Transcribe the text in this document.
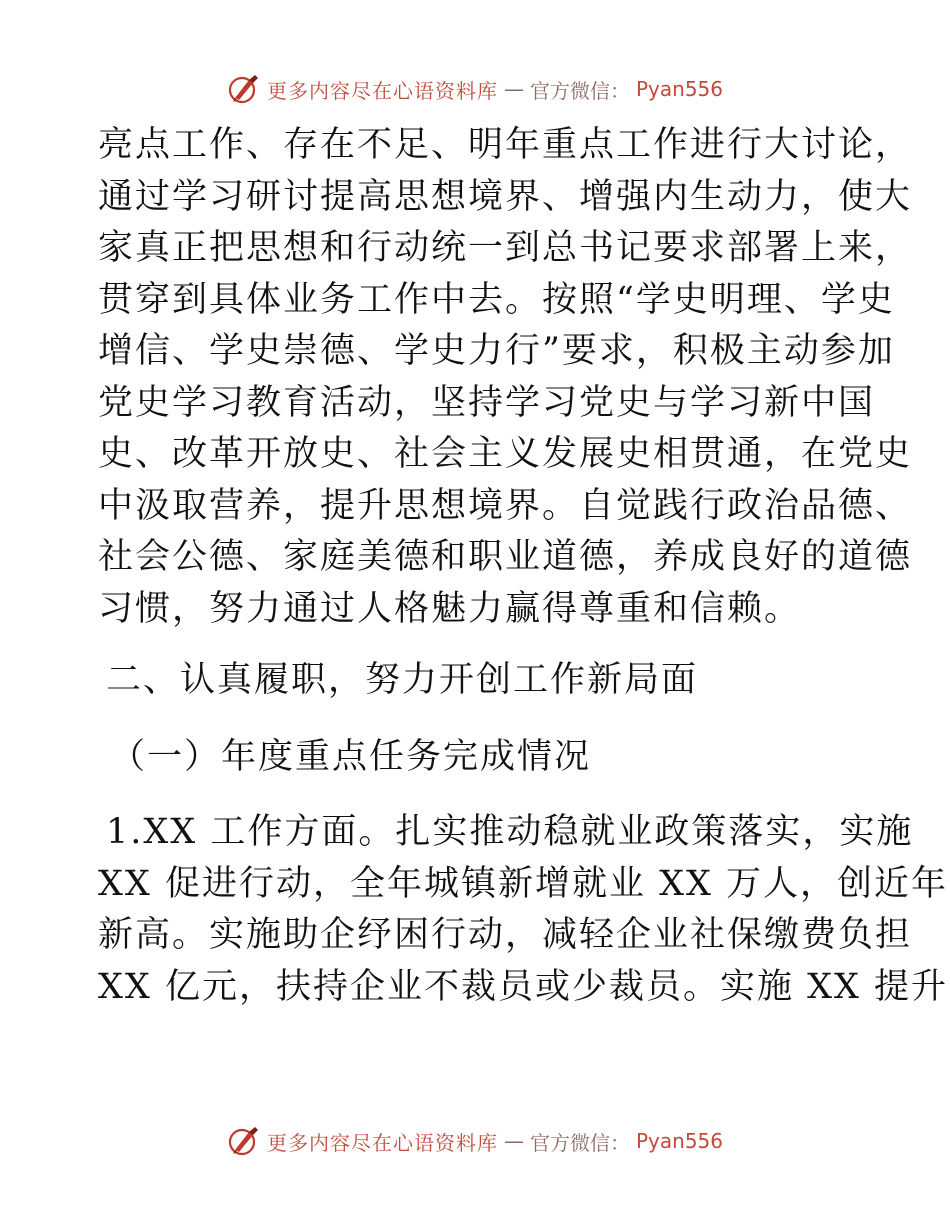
更多内容尽在心语资料库 — 官方微信： Pyan556

亮点工作、存在不足、明年重点工作进行大讨论，
通过学习研讨提高思想境界、增强内生动力，使大
家真正把思想和行动统一到总书记要求部署上来，
贯穿到具体业务工作中去。按照“学史明理、学史
增信、学史崇德、学史力行”要求，积极主动参加
党史学习教育活动，坚持学习党史与学习新中国
史、改革开放史、社会主义发展史相贯通，在党史
中汲取营养，提升思想境界。自觉践行政治品德、
社会公德、家庭美德和职业道德，养成良好的道德
习惯，努力通过人格魅力赢得尊重和信赖。

二、认真履职，努力开创工作新局面

（一）年度重点任务完成情况

1.XX 工作方面。扎实推动稳就业政策落实，实施
XX 促进行动，全年城镇新增就业 XX 万人，创近年
新高。实施助企纾困行动，减轻企业社保缴费负担
XX 亿元，扶持企业不裁员或少裁员。实施 XX 提升

更多内容尽在心语资料库 — 官方微信： Pyan556
